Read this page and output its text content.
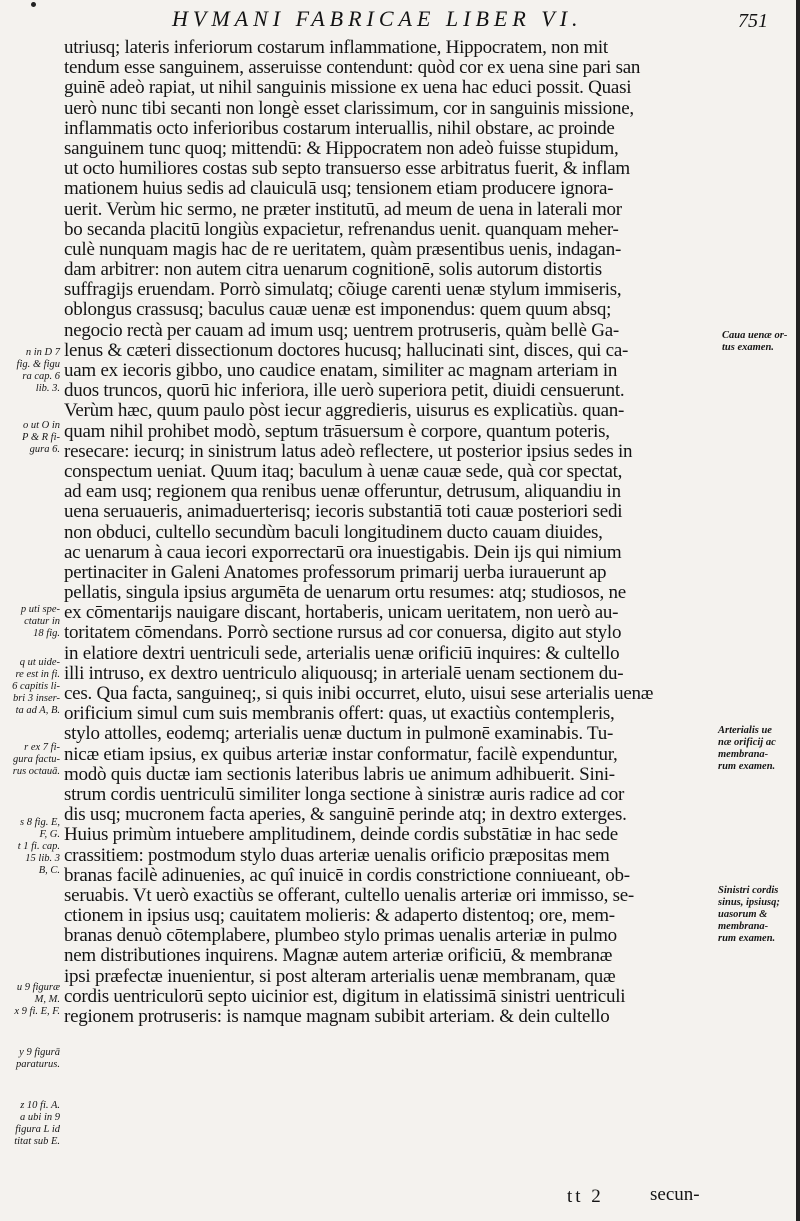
HVMANI FABRICAE LIBER VI.	751
utriusq; lateris inferiorum costarum inflammatione, Hippocratem, non mit
tendum esse sanguinem, asseruisse contendunt: quòd cor ex uena sine pari san
guinē adeò rapiat, ut nihil sanguinis missione ex uena hac educi possit. Quasi
uerò nunc tibi secanti non longè esset clarissimum, cor in sanguinis missione,
inflammatis octo inferioribus costarum interuallis, nihil obstare, ac proinde
sanguinem tunc quoq; mittendū: & Hippocratem non adeò fuisse stupidum,
ut octo humiliores costas sub septo transuerso esse arbitratus fuerit, & inflam
mationem huius sedis ad clauiculā usq; tensionem etiam producere ignora-
uerit. Verùm hic sermo, ne præter institutū, ad meum de uena in laterali mor
bo secanda placitū longiùs expacietur, refrenandus uenit. quanquam meher-
culè nunquam magis hac de re ueritatem, quàm præsentibus uenis, indagan-
dam arbitrer: non autem citra uenarum cognitionē, solis autorum distortis
suffragijs eruendam. Porrò simulatq; cõiuge carenti uenæ stylum immiseris,
oblongus crassusq; baculus cauæ uenæ est imponendus: quem quum absq;
negocio rectà per cauam ad imum usq; uentrem protruseris, quàm bellè Ga-
lenus & cæteri dissectionum doctores hucusq; hallucinati sint, disces, qui ca-
uam ex iecoris gibbo, uno caudice enatam, similiter ac magnam arteriam in
duos truncos, quorū hic inferiora, ille uerò superiora petit, diuidi censuerunt.
Verùm hæc, quum paulo pòst iecur aggredieris, uisurus es explicatiùs. quan-
quam nihil prohibet modò, septum trāsuersum è corpore, quantum poteris,
resecare: iecurq; in sinistrum latus adeò reflectere, ut posterior ipsius sedes in
conspectum ueniat. Quum itaq; baculum à uenæ cauæ sede, quà cor spectat,
ad eam usq; regionem qua renibus uenæ offeruntur, detrusum, aliquandiu in
uena seruaueris, animaduerterisq; iecoris substantiā toti cauæ posteriori sedi
non obduci, cultello secundùm baculi longitudinem ducto cauam diuides,
ac uenarum à caua iecori exporrectarū ora inuestigabis. Dein ijs qui nimium
pertinaciter in Galeni Anatomes professorum primarij uerba iurauerunt ap
pellatis, singula ipsius argumēta de uenarum ortu resumes: atq; studiosos, ne
ex cōmentarijs nauigare discant, hortaberis, unicam ueritatem, non uerò au-
toritatem cōmendans. Porrò sectione rursus ad cor conuersa, digito aut stylo
in elatiore dextri uentriculi sede, arterialis uenæ orificiū inquires: & cultello
illi intruso, ex dextro uentriculo aliquousq; in arterialē uenam sectionem du-
ces. Qua facta, sanguineq;, si quis inibi occurret, eluto, uisui sese arterialis uenæ
orificium simul cum suis membranis offert: quas, ut exactiùs contempleris,
stylo attolles, eodemq; arterialis uenæ ductum in pulmonē examinabis. Tu-
nicæ etiam ipsius, ex quibus arteriæ instar conformatur, facilè expenduntur,
modò quis ductæ iam sectionis lateribus labris ue animum adhibuerit. Sini-
strum cordis uentriculū similiter longa sectione à sinistræ auris radice ad cor
dis usq; mucronem facta aperies, & sanguinē perinde atq; in dextro exterges.
Huius primùm intuebere amplitudinem, deinde cordis substātiæ in hac sede
crassitiem: postmodum stylo duas arteriæ uenalis orificio præpositas mem
branas facilè adinuenies, ac quî inuicē in cordis constrictione conniueant, ob-
seruabis. Vt uerò exactiùs se offerant, cultello uenalis arteriæ ori immisso, se-
ctionem in ipsius usq; cauitatem molieris: & adaperto distentoq; ore, mem-
branas denuò cōtemplabere, plumbeo stylo primas uenalis arteriæ in pulmo
nem distributiones inquirens. Magnæ autem arteriæ orificiū, & membranæ
ipsi præfectæ inuenientur, si post alteram arterialis uenæ membranam, quæ
cordis uentriculorū septo uicinior est, digitum in elatissimā sinistri uentriculi
regionem protruseris: is namque magnam subibit arteriam. & dein cultello
n in D 7
fig. & figu
ra cap. 6
lib. 3.
o ut O in
P & R fi-
gura 6.
p uti spe-
ctatur in
18 fig.
q ut uide-
re est in fi.
6 capitis li-
bri 3 inser-
ta ad A, B.
r ex 7 fi-
gura factu-
rus octauā.
s 8 fig. E,
F, G.
t 1 fi. cap.
15 lib. 3
B, C.
u 9 figuræ
M, M.
x 9 fi. E, F.
y 9 figurā
paraturus.
z 10 fi. A.
a ubi in 9
figura L id
titat sub E.
Caua uenæ or-
tus examen.
Arterialis ue
næ orificij ac
membrana-
rum examen.
Sinistri cordis
sinus, ipsiusq;
uasorum &
membrana-
rum examen.
tt 2 secun-
